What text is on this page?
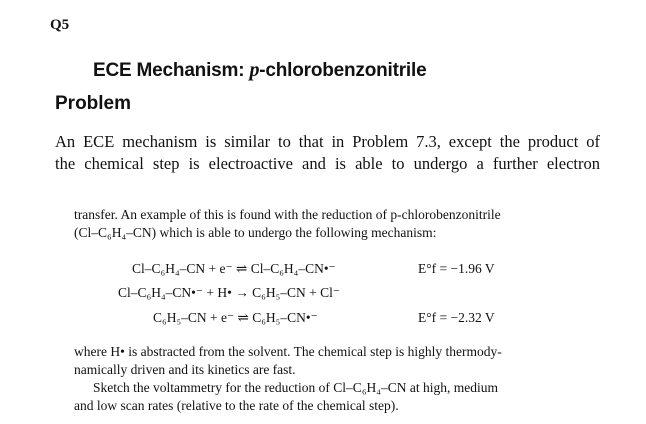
Q5
ECE Mechanism: p-chlorobenzonitrile
Problem
An ECE mechanism is similar to that in Problem 7.3, except the product of
the chemical step is electroactive and is able to undergo a further electron
transfer. An example of this is found with the reduction of p-chlorobenzonitrile
(Cl–C₆H₄–CN) which is able to undergo the following mechanism:
Cl–C₆H₄–CN + e⁻ ⇌ Cl–C₆H₄–CN•⁻	E°f = −1.96 V
Cl–C₆H₄–CN•⁻ + H• → C₆H₅–CN + Cl⁻
C₆H₅–CN + e⁻ ⇌ C₆H₅–CN•⁻	E°f = −2.32 V
where H• is abstracted from the solvent. The chemical step is highly thermody-
namically driven and its kinetics are fast.
Sketch the voltammetry for the reduction of Cl–C₆H₄–CN at high, medium
and low scan rates (relative to the rate of the chemical step).
